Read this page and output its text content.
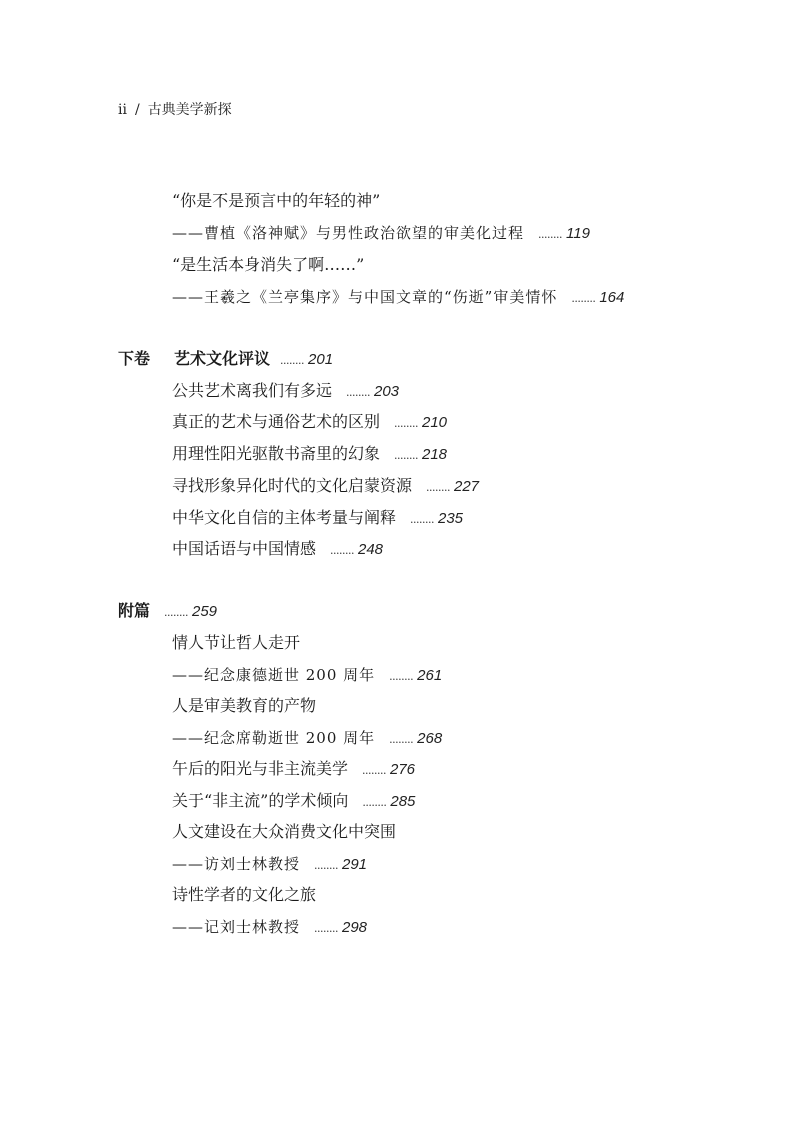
ii / 古典美学新探
“你是不是预言中的年轻的神”
——曹植《洛神赋》与男性政治欲望的审美化过程 ........ 119
“是生活本身消失了啊……”
——王羲之《兰亭集序》与中国文章的“伤逝”审美情怀 ........ 164
下卷 艺术文化评议 ........ 201
公共艺术离我们有多远 ........ 203
真正的艺术与通俗艺术的区别 ........ 210
用理性阳光驱散书斋里的幻象 ........ 218
寻找形象异化时代的文化启蒙资源 ........ 227
中华文化自信的主体考量与阐释 ........ 235
中国话语与中国情感 ........ 248
附篇 ........ 259
情人节让哲人走开
——纪念康德逝世 200 周年 ........ 261
人是审美教育的产物
——纪念席勒逝世 200 周年 ........ 268
午后的阳光与非主流美学 ........ 276
关于“非主流”的学术倾向 ........ 285
人文建设在大众消费文化中突围
——访刘士林教授 ........ 291
诗性学者的文化之旅
——记刘士林教授 ........ 298
